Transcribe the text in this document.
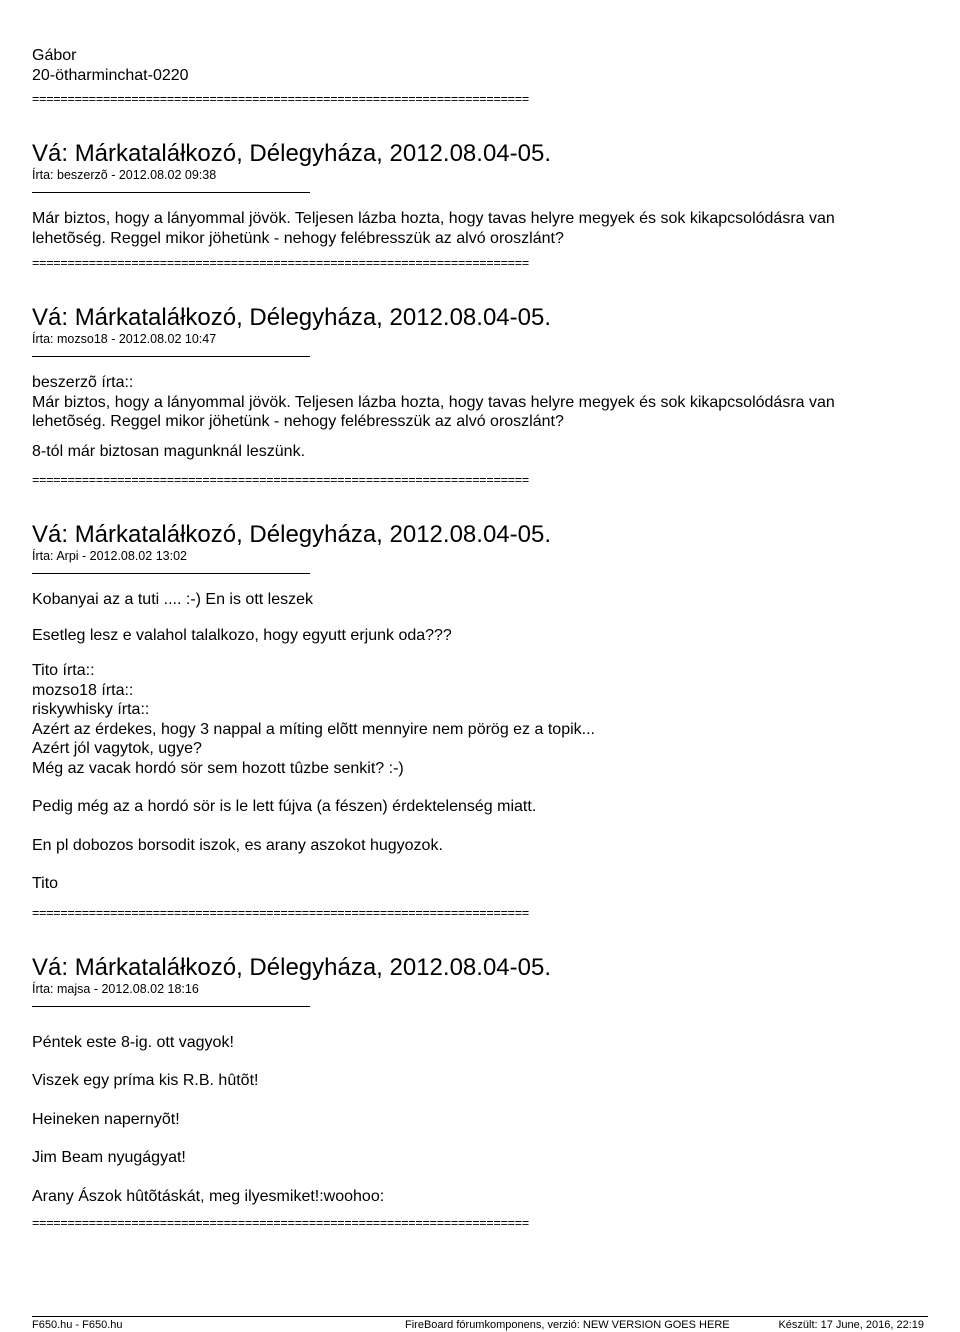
Gábor

20-ötharminchat-0220

======================================================================

Vá: Márkataláłkozó, Délegyháza, 2012.08.04-05.

Írta: beszerzõ - 2012.08.02 09:38

Már biztos, hogy a lányommal jövök. Teljesen lázba hozta, hogy tavas helyre megyek és sok kikapcsolódásra van lehetõség. Reggel mikor jöhetünk - nehogy felébresszük az alvó oroszlánt?

======================================================================

Vá: Márkataláłkozó, Délegyháza, 2012.08.04-05.

Írta: mozso18 - 2012.08.02 10:47

beszerzõ írta::

Már biztos, hogy a lányommal jövök. Teljesen lázba hozta, hogy tavas helyre megyek és sok kikapcsolódásra van lehetõség. Reggel mikor jöhetünk - nehogy felébresszük az alvó oroszlánt?

8-tól már biztosan magunknál leszünk.

======================================================================

Vá: Márkataláłkozó, Délegyháza, 2012.08.04-05.

Írta: Arpi - 2012.08.02 13:02

Kobanyai az a tuti .... :-) En is ott leszek

Esetleg lesz e valahol talalkozo, hogy egyutt erjunk oda???

Tito írta::

mozso18 írta::

riskywhisky írta::

Azért az érdekes, hogy 3 nappal a míting elõtt mennyire nem pörög ez a topik...

Azért jól vagytok, ugye?

Még az vacak hordó sör sem hozott tûzbe senkit? :-)

Pedig még az a hordó sör is le lett fújva (a fészen) érdektelenség miatt.

En pl dobozos borsodit iszok, es arany aszokot hugyozok.

Tito

======================================================================

Vá: Márkataláłkozó, Délegyháza, 2012.08.04-05.

Írta: majsa - 2012.08.02 18:16

Péntek este 8-ig. ott vagyok!

Viszek egy príma kis R.B. hûtõt!

Heineken napernyõt!

Jim Beam nyugágyat!

Arany Ászok hûtõtáskát, meg ilyesmiket!:woohoo:

======================================================================

F650.hu - F650.hu	FireBoard fórumkomponens, verzió: NEW VERSION GOES HERE	Készült: 17 June, 2016, 22:19
